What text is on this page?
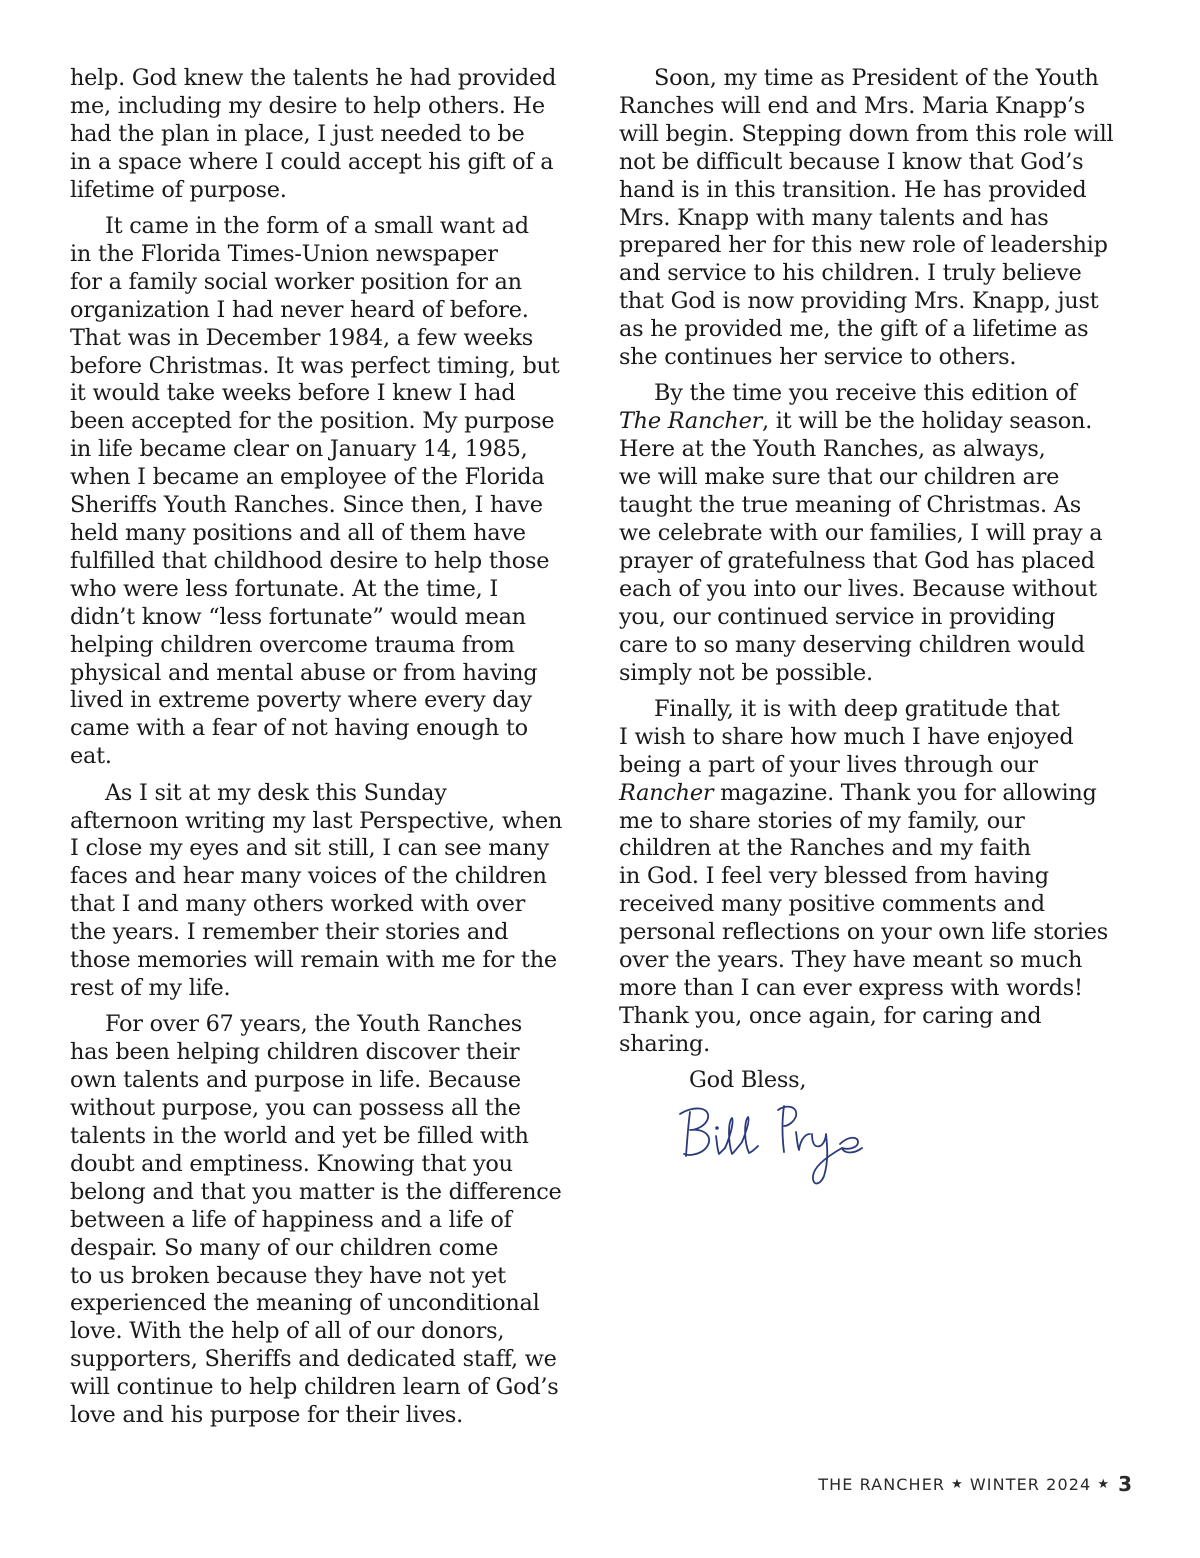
help. God knew the talents he had provided
me, including my desire to help others. He
had the plan in place, I just needed to be
in a space where I could accept his gift of a
lifetime of purpose.

It came in the form of a small want ad
in the Florida Times-Union newspaper
for a family social worker position for an
organization I had never heard of before.
That was in December 1984, a few weeks
before Christmas. It was perfect timing, but
it would take weeks before I knew I had
been accepted for the position. My purpose
in life became clear on January 14, 1985,
when I became an employee of the Florida
Sheriffs Youth Ranches. Since then, I have
held many positions and all of them have
fulfilled that childhood desire to help those
who were less fortunate. At the time, I
didn’t know “less fortunate” would mean
helping children overcome trauma from
physical and mental abuse or from having
lived in extreme poverty where every day
came with a fear of not having enough to
eat.

As I sit at my desk this Sunday
afternoon writing my last Perspective, when
I close my eyes and sit still, I can see many
faces and hear many voices of the children
that I and many others worked with over
the years. I remember their stories and
those memories will remain with me for the
rest of my life.

For over 67 years, the Youth Ranches
has been helping children discover their
own talents and purpose in life. Because
without purpose, you can possess all the
talents in the world and yet be filled with
doubt and emptiness. Knowing that you
belong and that you matter is the difference
between a life of happiness and a life of
despair. So many of our children come
to us broken because they have not yet
experienced the meaning of unconditional
love. With the help of all of our donors,
supporters, Sheriffs and dedicated staff, we
will continue to help children learn of God’s
love and his purpose for their lives.

Soon, my time as President of the Youth
Ranches will end and Mrs. Maria Knapp’s
will begin. Stepping down from this role will
not be difficult because I know that God’s
hand is in this transition. He has provided
Mrs. Knapp with many talents and has
prepared her for this new role of leadership
and service to his children. I truly believe
that God is now providing Mrs. Knapp, just
as he provided me, the gift of a lifetime as
she continues her service to others.

By the time you receive this edition of
The Rancher, it will be the holiday season.
Here at the Youth Ranches, as always,
we will make sure that our children are
taught the true meaning of Christmas. As
we celebrate with our families, I will pray a
prayer of gratefulness that God has placed
each of you into our lives. Because without
you, our continued service in providing
care to so many deserving children would
simply not be possible.

Finally, it is with deep gratitude that
I wish to share how much I have enjoyed
being a part of your lives through our
Rancher magazine. Thank you for allowing
me to share stories of my family, our
children at the Ranches and my faith
in God. I feel very blessed from having
received many positive comments and
personal reflections on your own life stories
over the years. They have meant so much
more than I can ever express with words!
Thank you, once again, for caring and
sharing.

God Bless,

THE RANCHER ★ WINTER 2024 ★ 3
